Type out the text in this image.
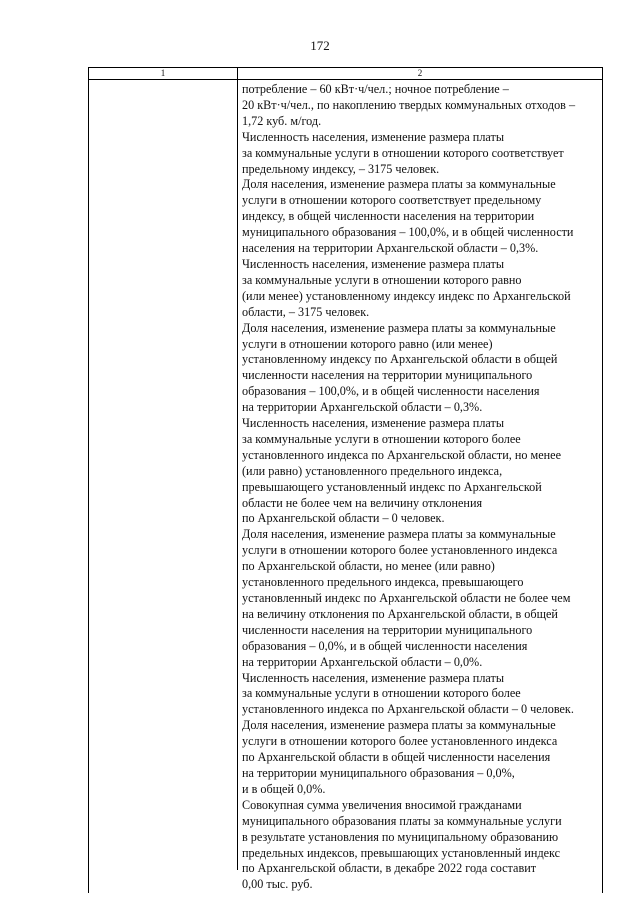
172
1	2
потребление – 60 кВт·ч/чел.; ночное потребление –
20 кВт·ч/чел., по накоплению твердых коммунальных отходов –
1,72 куб. м/год.
Численность населения, изменение размера платы
за коммунальные услуги в отношении которого соответствует
предельному индексу, – 3175 человек.
Доля населения, изменение размера платы за коммунальные
услуги в отношении которого соответствует предельному
индексу, в общей численности населения на территории
муниципального образования – 100,0%, и в общей численности
населения на территории Архангельской области – 0,3%.
Численность населения, изменение размера платы
за коммунальные услуги в отношении которого равно
(или менее) установленному индексу индекс по Архангельской
области, – 3175 человек.
Доля населения, изменение размера платы за коммунальные
услуги в отношении которого равно (или менее)
установленному индексу по Архангельской области в общей
численности населения на территории муниципального
образования – 100,0%, и в общей численности населения
на территории Архангельской области – 0,3%.
Численность населения, изменение размера платы
за коммунальные услуги в отношении которого более
установленного индекса по Архангельской области, но менее
(или равно) установленного предельного индекса,
превышающего установленный индекс по Архангельской
области не более чем на величину отклонения
по Архангельской области – 0 человек.
Доля населения, изменение размера платы за коммунальные
услуги в отношении которого более установленного индекса
по Архангельской области, но менее (или равно)
установленного предельного индекса, превышающего
установленный индекс по Архангельской области не более чем
на величину отклонения по Архангельской области, в общей
численности населения на территории муниципального
образования – 0,0%, и в общей численности населения
на территории Архангельской области – 0,0%.
Численность населения, изменение размера платы
за коммунальные услуги в отношении которого более
установленного индекса по Архангельской области – 0 человек.
Доля населения, изменение размера платы за коммунальные
услуги в отношении которого более установленного индекса
по Архангельской области в общей численности населения
на территории муниципального образования – 0,0%,
и в общей 0,0%.
Совокупная сумма увеличения вносимой гражданами
муниципального образования платы за коммунальные услуги
в результате установления по муниципальному образованию
предельных индексов, превышающих установленный индекс
по Архангельской области, в декабре 2022 года составит
0,00 тыс. руб.
